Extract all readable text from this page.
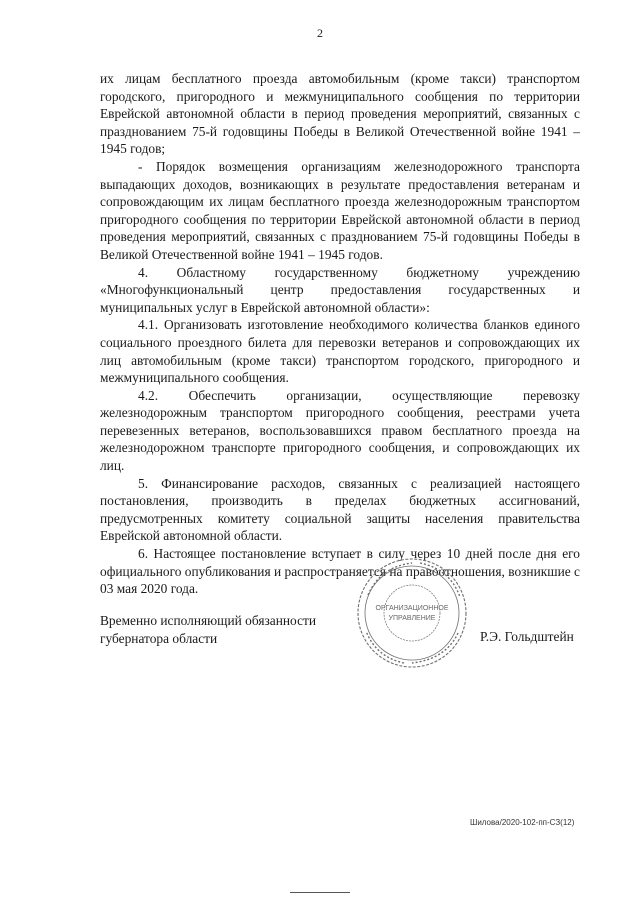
2

их лицам бесплатного проезда автомобильным (кроме такси) транспортом городского, пригородного и межмуниципального сообщения по территории Еврейской автономной области в период проведения мероприятий, связанных с празднованием 75-й годовщины Победы в Великой Отечественной войне 1941 – 1945 годов;

- Порядок возмещения организациям железнодорожного транспорта выпадающих доходов, возникающих в результате предоставления ветеранам и сопровождающим их лицам бесплатного проезда железнодорожным транспортом пригородного сообщения по территории Еврейской автономной области в период проведения мероприятий, связанных с празднованием 75-й годовщины Победы в Великой Отечественной войне 1941 – 1945 годов.

4. Областному государственному бюджетному учреждению «Многофункциональный центр предоставления государственных и муниципальных услуг в Еврейской автономной области»:

4.1. Организовать изготовление необходимого количества бланков единого социального проездного билета для перевозки ветеранов и сопровождающих их лиц автомобильным (кроме такси) транспортом городского, пригородного и межмуниципального сообщения.

4.2. Обеспечить организации, осуществляющие перевозку железнодорожным транспортом пригородного сообщения, реестрами учета перевезенных ветеранов, воспользовавшихся правом бесплатного проезда на железнодорожном транспорте пригородного сообщения, и сопровождающих их лиц.

5. Финансирование расходов, связанных с реализацией настоящего постановления, производить в пределах бюджетных ассигнований, предусмотренных комитету социальной защиты населения правительства Еврейской автономной области.

6. Настоящее постановление вступает в силу через 10 дней после дня его официального опубликования и распространяется на правоотношения, возникшие с 03 мая 2020 года.

Временно исполняющий обязанности
губернатора области
ОРГАНИЗАЦИОННОЕ
УПРАВЛЕНИЕ
Р.Э. Гольдштейн
Шилова/2020-102-пп-СЗ(12)
